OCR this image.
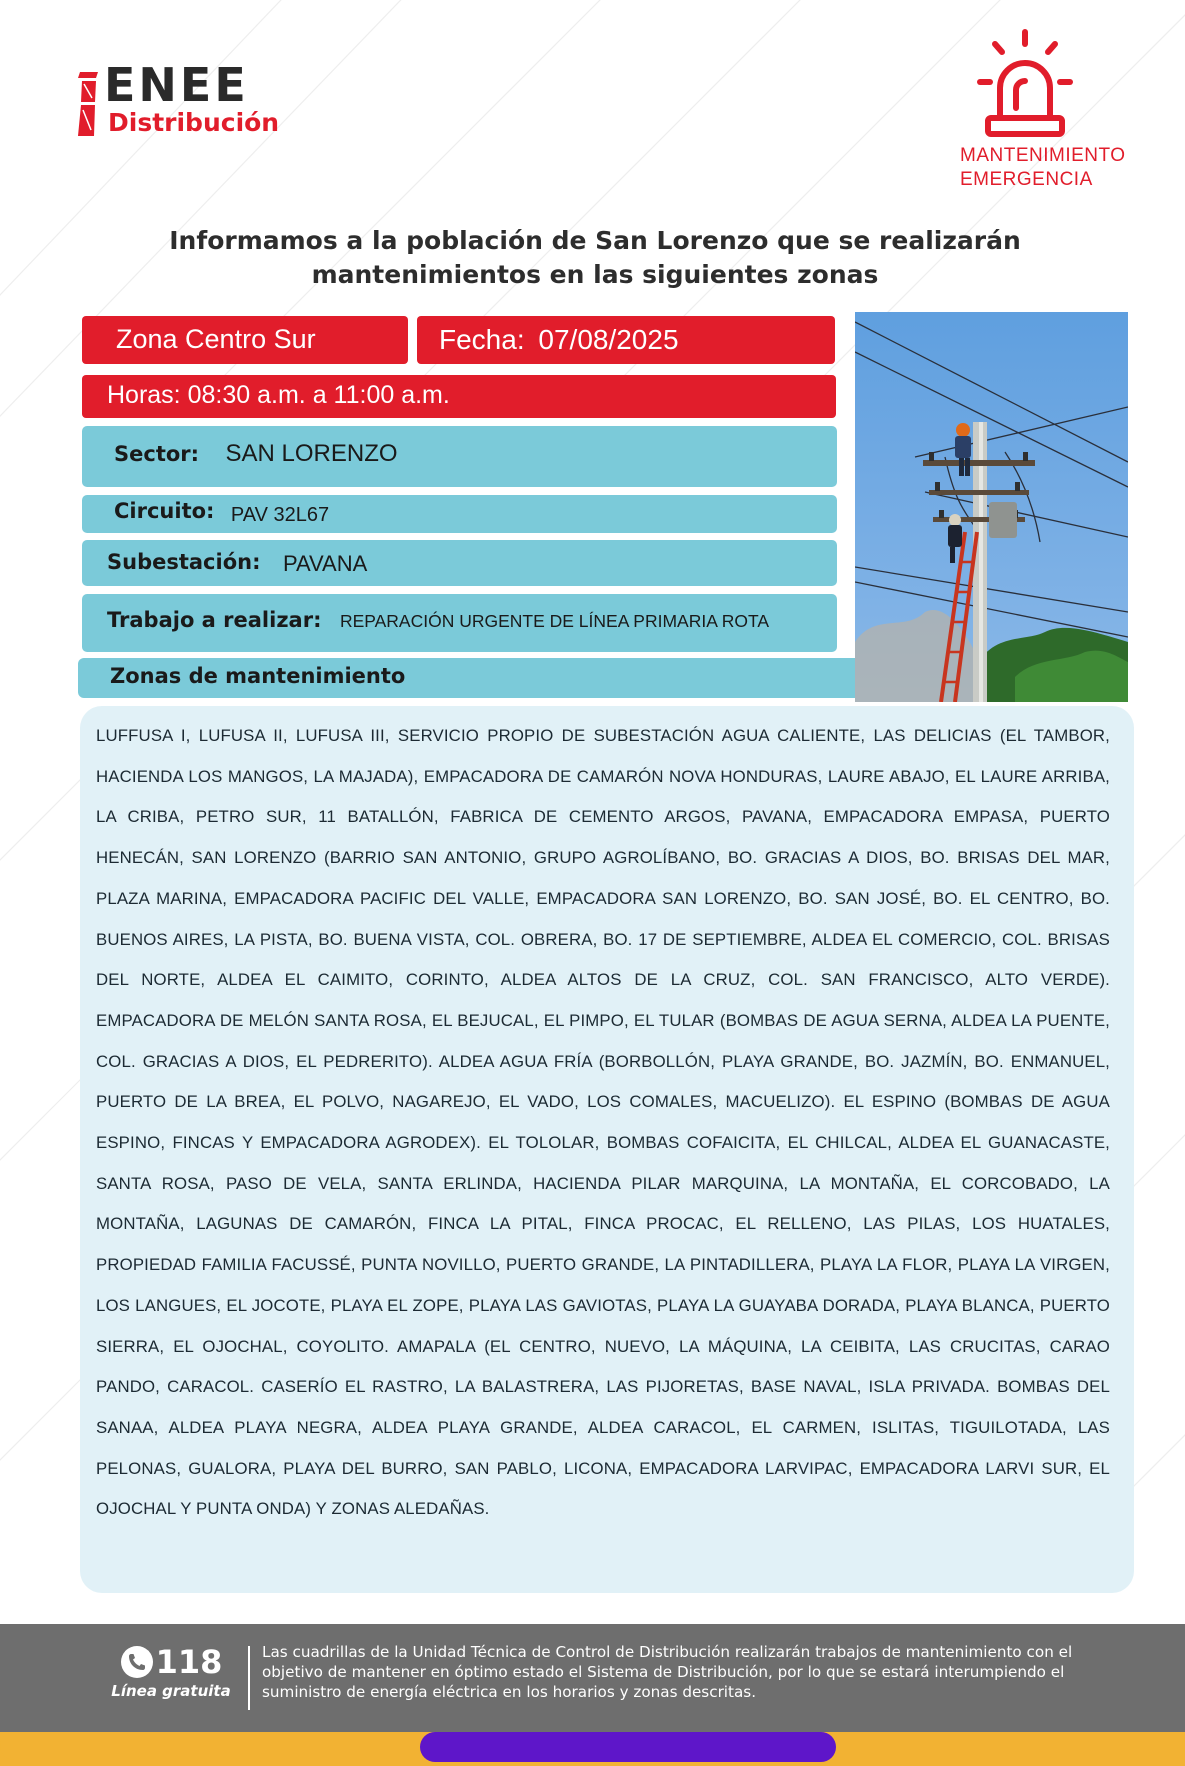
ENEE
Distribución
MANTENIMIENTO
EMERGENCIA
Informamos a la población de San Lorenzo que se realizarán
mantenimientos en las siguientes zonas
Zona Centro Sur	Fecha: 07/08/2025
Horas: 08:30 a.m. a 11:00 a.m.
Sector: SAN LORENZO
Circuito: PAV 32L67
Subestación: PAVANA
Trabajo a realizar: REPARACIÓN URGENTE DE LÍNEA PRIMARIA ROTA
Zonas de mantenimiento
LUFFUSA I, LUFUSA II, LUFUSA III, SERVICIO PROPIO DE SUBESTACIÓN AGUA CALIENTE, LAS DELICIAS (EL TAMBOR, HACIENDA LOS MANGOS, LA MAJADA), EMPACADORA DE CAMARÓN NOVA HONDURAS, LAURE ABAJO, EL LAURE ARRIBA, LA CRIBA, PETRO SUR, 11 BATALLÓN, FABRICA DE CEMENTO ARGOS, PAVANA, EMPACADORA EMPASA, PUERTO HENECÁN, SAN LORENZO (BARRIO SAN ANTONIO, GRUPO AGROLÍBANO, BO. GRACIAS A DIOS, BO. BRISAS DEL MAR, PLAZA MARINA, EMPACADORA PACIFIC DEL VALLE, EMPACADORA SAN LORENZO, BO. SAN JOSÉ, BO. EL CENTRO, BO. BUENOS AIRES, LA PISTA, BO. BUENA VISTA, COL. OBRERA, BO. 17 DE SEPTIEMBRE, ALDEA EL COMERCIO, COL. BRISAS DEL NORTE, ALDEA EL CAIMITO, CORINTO, ALDEA ALTOS DE LA CRUZ, COL. SAN FRANCISCO, ALTO VERDE). EMPACADORA DE MELÓN SANTA ROSA, EL BEJUCAL, EL PIMPO, EL TULAR (BOMBAS DE AGUA SERNA, ALDEA LA PUENTE, COL. GRACIAS A DIOS, EL PEDRERITO). ALDEA AGUA FRÍA (BORBOLLÓN, PLAYA GRANDE, BO. JAZMÍN, BO. ENMANUEL, PUERTO DE LA BREA, EL POLVO, NAGAREJO, EL VADO, LOS COMALES, MACUELIZO). EL ESPINO (BOMBAS DE AGUA ESPINO, FINCAS Y EMPACADORA AGRODEX). EL TOLOLAR, BOMBAS COFAICITA, EL CHILCAL, ALDEA EL GUANACASTE, SANTA ROSA, PASO DE VELA, SANTA ERLINDA, HACIENDA PILAR MARQUINA, LA MONTAÑA, EL CORCOBADO, LA MONTAÑA, LAGUNAS DE CAMARÓN, FINCA LA PITAL, FINCA PROCAC, EL RELLENO, LAS PILAS, LOS HUATALES, PROPIEDAD FAMILIA FACUSSÉ, PUNTA NOVILLO, PUERTO GRANDE, LA PINTADILLERA, PLAYA LA FLOR, PLAYA LA VIRGEN, LOS LANGUES, EL JOCOTE, PLAYA EL ZOPE, PLAYA LAS GAVIOTAS, PLAYA LA GUAYABA DORADA, PLAYA BLANCA, PUERTO SIERRA, EL OJOCHAL, COYOLITO. AMAPALA (EL CENTRO, NUEVO, LA MÁQUINA, LA CEIBITA, LAS CRUCITAS, CARAO PANDO, CARACOL. CASERÍO EL RASTRO, LA BALASTRERA, LAS PIJORETAS, BASE NAVAL, ISLA PRIVADA. BOMBAS DEL SANAA, ALDEA PLAYA NEGRA, ALDEA PLAYA GRANDE, ALDEA CARACOL, EL CARMEN, ISLITAS, TIGUILOTADA, LAS PELONAS, GUALORA, PLAYA DEL BURRO, SAN PABLO, LICONA, EMPACADORA LARVIPAC, EMPACADORA LARVI SUR, EL OJOCHAL Y PUNTA ONDA) Y ZONAS ALEDAÑAS.
118
Línea gratuita
Las cuadrillas de la Unidad Técnica de Control de Distribución realizarán trabajos de mantenimiento con el objetivo de mantener en óptimo estado el Sistema de Distribución, por lo que se estará interumpiendo el suministro de energía eléctrica en los horarios y zonas descritas.
